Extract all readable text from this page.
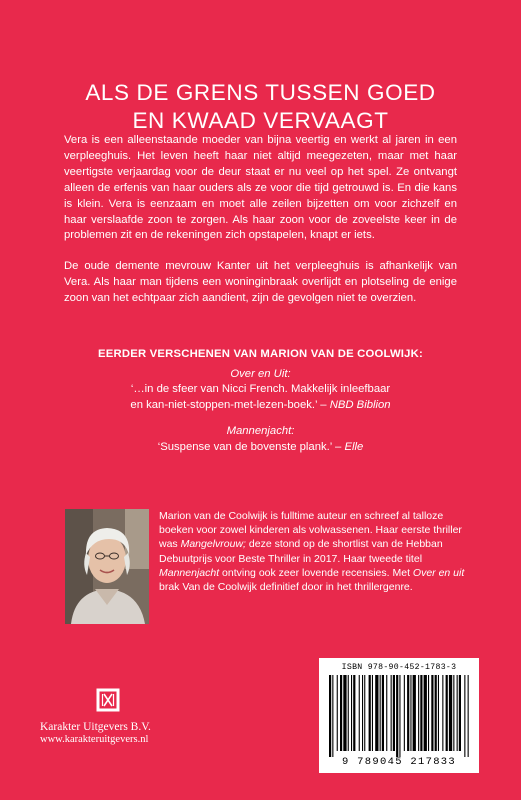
ALS DE GRENS TUSSEN GOED
EN KWAAD VERVAAGT

Vera is een alleenstaande moeder van bijna veertig en werkt al jaren in een verpleeghuis. Het leven heeft haar niet altijd meegezeten, maar met haar veertigste verjaardag voor de deur staat er nu veel op het spel. Ze ontvangt alleen de erfenis van haar ouders als ze voor die tijd getrouwd is. En die kans is klein. Vera is eenzaam en moet alle zeilen bijzetten om voor zichzelf en haar verslaafde zoon te zorgen. Als haar zoon voor de zoveelste keer in de problemen zit en de rekeningen zich opstapelen, knapt er iets.

De oude demente mevrouw Kanter uit het verpleeghuis is afhankelijk van Vera. Als haar man tijdens een woninginbraak overlijdt en plotseling de enige zoon van het echtpaar zich aandient, zijn de gevolgen niet te overzien.

EERDER VERSCHENEN VAN MARION VAN DE COOLWIJK:
Over en Uit:
‘…in de sfeer van Nicci French. Makkelijk inleefbaar
en kan-niet-stoppen-met-lezen-boek.’ – NBD Biblion
Mannenjacht:
‘Suspense van de bovenste plank.’ – Elle
Marion van de Coolwijk is fulltime auteur en schreef al talloze boeken voor zowel kinderen als volwassenen. Haar eerste thriller was Mangelvrouw; deze stond op de shortlist van de Hebban Debuutprijs voor Beste Thriller in 2017. Haar tweede titel Mannenjacht ontving ook zeer lovende recensies. Met Over en uit brak Van de Coolwijk definitief door in het thrillergenre.
Karakter Uitgevers B.V.
www.karakteruitgevers.nl
ISBN 978-90-452-1783-3
9 789045 217833
